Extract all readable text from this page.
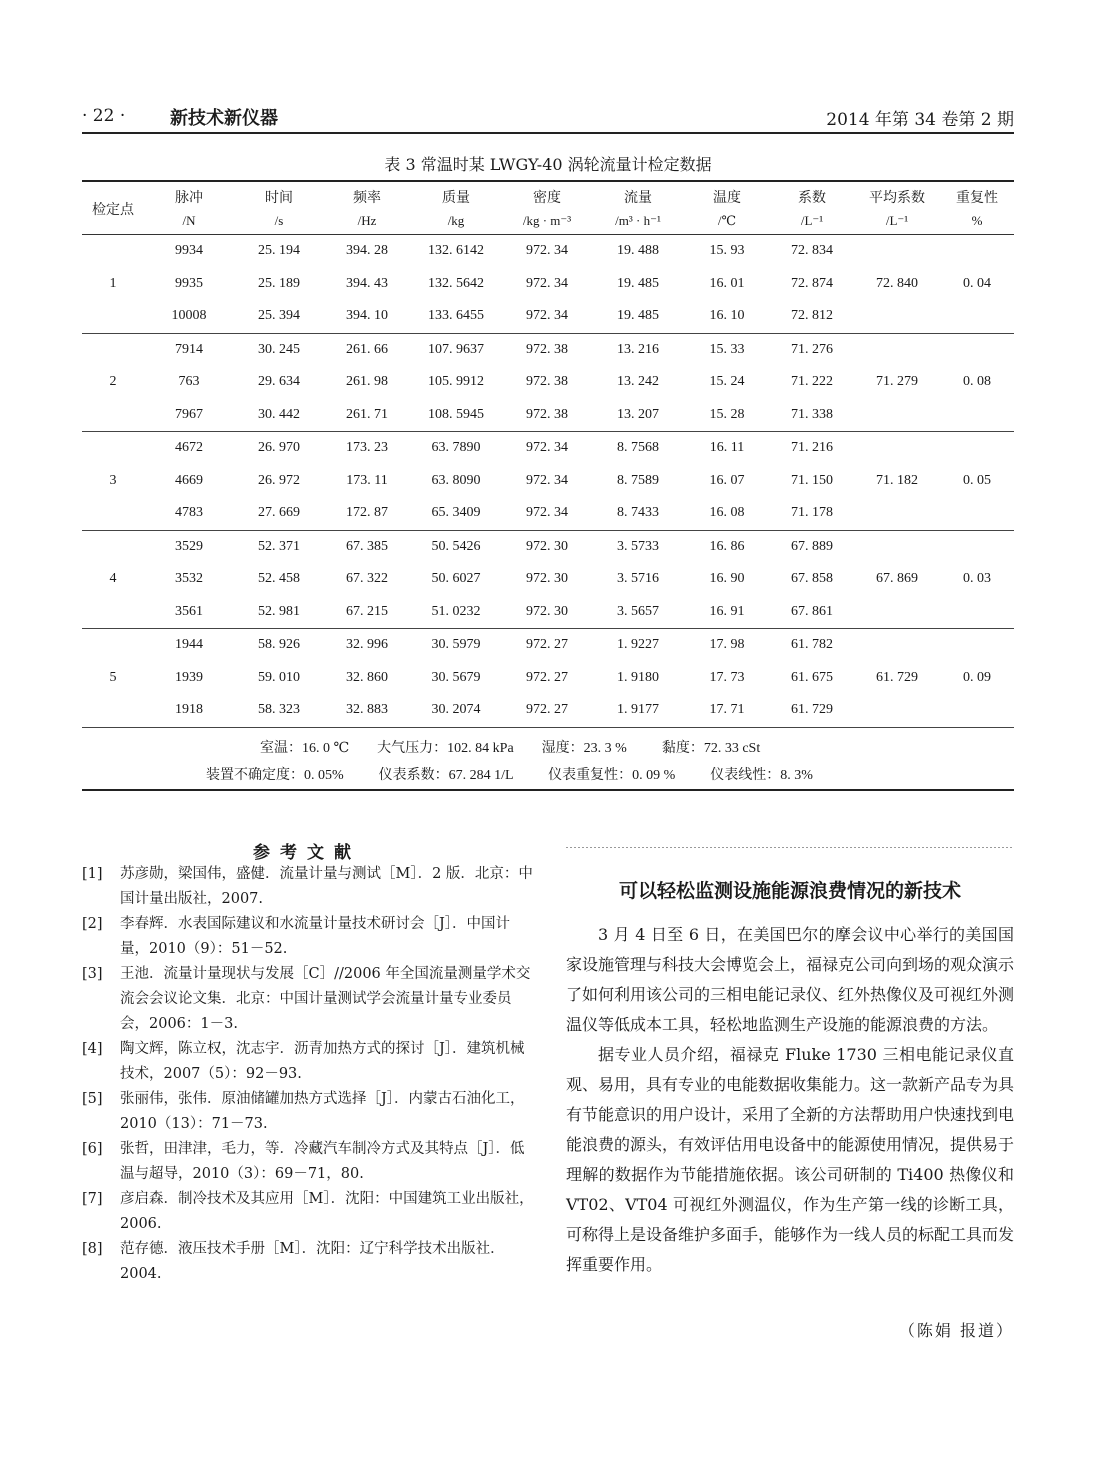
· 22 · 新技术新仪器	2014 年第 34 卷第 2 期
表 3 常温时某 LWGY-40 涡轮流量计检定数据
检定点	脉冲	时间	频率	质量	密度	流量	温度	系数	平均系数	重复性
	/N	/s	/Hz	/kg	/kg · m⁻³	/m³ · h⁻¹	/℃	/L⁻¹	/L⁻¹	%
1	9934	25. 194	394. 28	132. 6142	972. 34	19. 488	15. 93	72. 834	72. 840	0. 04
	9935	25. 189	394. 43	132. 5642	972. 34	19. 485	16. 01	72. 874		
	10008	25. 394	394. 10	133. 6455	972. 34	19. 485	16. 10	72. 812		
2	7914	30. 245	261. 66	107. 9637	972. 38	13. 216	15. 33	71. 276	71. 279	0. 08
	763	29. 634	261. 98	105. 9912	972. 38	13. 242	15. 24	71. 222		
	7967	30. 442	261. 71	108. 5945	972. 38	13. 207	15. 28	71. 338		
3	4672	26. 970	173. 23	63. 7890	972. 34	8. 7568	16. 11	71. 216	71. 182	0. 05
	4669	26. 972	173. 11	63. 8090	972. 34	8. 7589	16. 07	71. 150		
	4783	27. 669	172. 87	65. 3409	972. 34	8. 7433	16. 08	71. 178		
4	3529	52. 371	67. 385	50. 5426	972. 30	3. 5733	16. 86	67. 889	67. 869	0. 03
	3532	52. 458	67. 322	50. 6027	972. 30	3. 5716	16. 90	67. 858		
	3561	52. 981	67. 215	51. 0232	972. 30	3. 5657	16. 91	67. 861		
5	1944	58. 926	32. 996	30. 5979	972. 27	1. 9227	17. 98	61. 782	61. 729	0. 09
	1939	59. 010	32. 860	30. 5679	972. 27	1. 9180	17. 73	61. 675		
	1918	58. 323	32. 883	30. 2074	972. 27	1. 9177	17. 71	61. 729		
室温：16. 0 ℃        大气压力：102. 84 kPa        湿度：23. 3 %          黏度：72. 33 cSt
装置不确定度：0. 05%          仪表系数：67. 284 1/L          仪表重复性：0. 09 %          仪表线性：8. 3%
参考文献

[1] 苏彦勋，梁国伟，盛健．流量计量与测试［M］．2 版．北京：中国计量出版社，2007.

[2] 李春辉．水表国际建议和水流量计量技术研讨会［J］．中国计量，2010（9）：51－52.

[3] 王池．流量计量现状与发展［C］//2006 年全国流量测量学术交流会会议论文集．北京：中国计量测试学会流量计量专业委员会，2006：1－3.

[4] 陶文辉，陈立权，沈志宇．沥青加热方式的探讨［J］．建筑机械技术，2007（5）：92－93.

[5] 张丽伟，张伟．原油储罐加热方式选择［J］．内蒙古石油化工，2010（13）：71－73.

[6] 张哲，田津津，毛力，等．冷藏汽车制冷方式及其特点［J］．低温与超导，2010（3）：69－71，80.

[7] 彦启森．制冷技术及其应用［M］．沈阳：中国建筑工业出版社，2006.

[8] 范存德．液压技术手册［M］．沈阳：辽宁科学技术出版社．2004.

可以轻松监测设施能源浪费情况的新技术

3 月 4 日至 6 日，在美国巴尔的摩会议中心举行的美国国家设施管理与科技大会博览会上，福禄克公司向到场的观众演示了如何利用该公司的三相电能记录仪、红外热像仪及可视红外测温仪等低成本工具，轻松地监测生产设施的能源浪费的方法。

据专业人员介绍，福禄克 Fluke 1730 三相电能记录仪直观、易用，具有专业的电能数据收集能力。这一款新产品专为具有节能意识的用户设计，采用了全新的方法帮助用户快速找到电能浪费的源头，有效评估用电设备中的能源使用情况，提供易于理解的数据作为节能措施依据。该公司研制的 Ti400 热像仪和 VT02、VT04 可视红外测温仪，作为生产第一线的诊断工具，可称得上是设备维护多面手，能够作为一线人员的标配工具而发挥重要作用。

（陈娟 报道）
